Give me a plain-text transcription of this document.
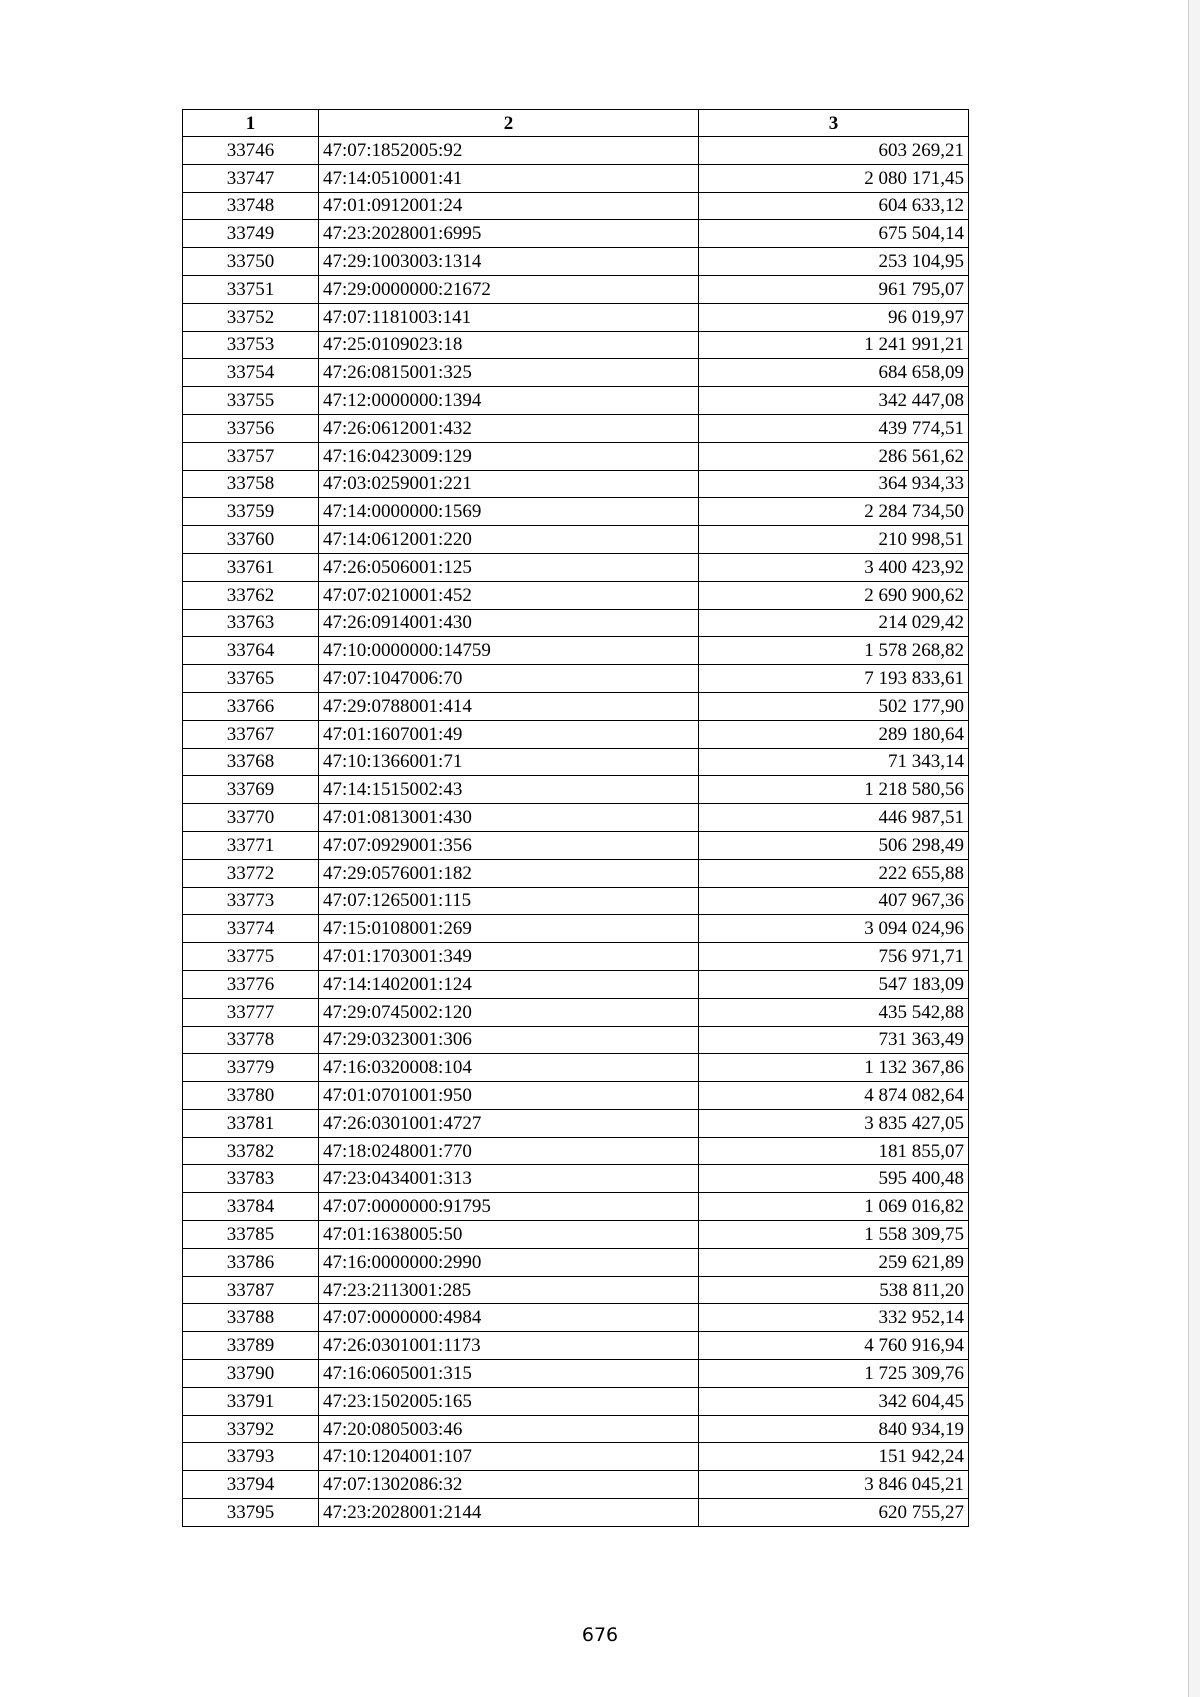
1	2	3
33746	47:07:1852005:92	603 269,21
33747	47:14:0510001:41	2 080 171,45
33748	47:01:0912001:24	604 633,12
33749	47:23:2028001:6995	675 504,14
33750	47:29:1003003:1314	253 104,95
33751	47:29:0000000:21672	961 795,07
33752	47:07:1181003:141	96 019,97
33753	47:25:0109023:18	1 241 991,21
33754	47:26:0815001:325	684 658,09
33755	47:12:0000000:1394	342 447,08
33756	47:26:0612001:432	439 774,51
33757	47:16:0423009:129	286 561,62
33758	47:03:0259001:221	364 934,33
33759	47:14:0000000:1569	2 284 734,50
33760	47:14:0612001:220	210 998,51
33761	47:26:0506001:125	3 400 423,92
33762	47:07:0210001:452	2 690 900,62
33763	47:26:0914001:430	214 029,42
33764	47:10:0000000:14759	1 578 268,82
33765	47:07:1047006:70	7 193 833,61
33766	47:29:0788001:414	502 177,90
33767	47:01:1607001:49	289 180,64
33768	47:10:1366001:71	71 343,14
33769	47:14:1515002:43	1 218 580,56
33770	47:01:0813001:430	446 987,51
33771	47:07:0929001:356	506 298,49
33772	47:29:0576001:182	222 655,88
33773	47:07:1265001:115	407 967,36
33774	47:15:0108001:269	3 094 024,96
33775	47:01:1703001:349	756 971,71
33776	47:14:1402001:124	547 183,09
33777	47:29:0745002:120	435 542,88
33778	47:29:0323001:306	731 363,49
33779	47:16:0320008:104	1 132 367,86
33780	47:01:0701001:950	4 874 082,64
33781	47:26:0301001:4727	3 835 427,05
33782	47:18:0248001:770	181 855,07
33783	47:23:0434001:313	595 400,48
33784	47:07:0000000:91795	1 069 016,82
33785	47:01:1638005:50	1 558 309,75
33786	47:16:0000000:2990	259 621,89
33787	47:23:2113001:285	538 811,20
33788	47:07:0000000:4984	332 952,14
33789	47:26:0301001:1173	4 760 916,94
33790	47:16:0605001:315	1 725 309,76
33791	47:23:1502005:165	342 604,45
33792	47:20:0805003:46	840 934,19
33793	47:10:1204001:107	151 942,24
33794	47:07:1302086:32	3 846 045,21
33795	47:23:2028001:2144	620 755,27
676
